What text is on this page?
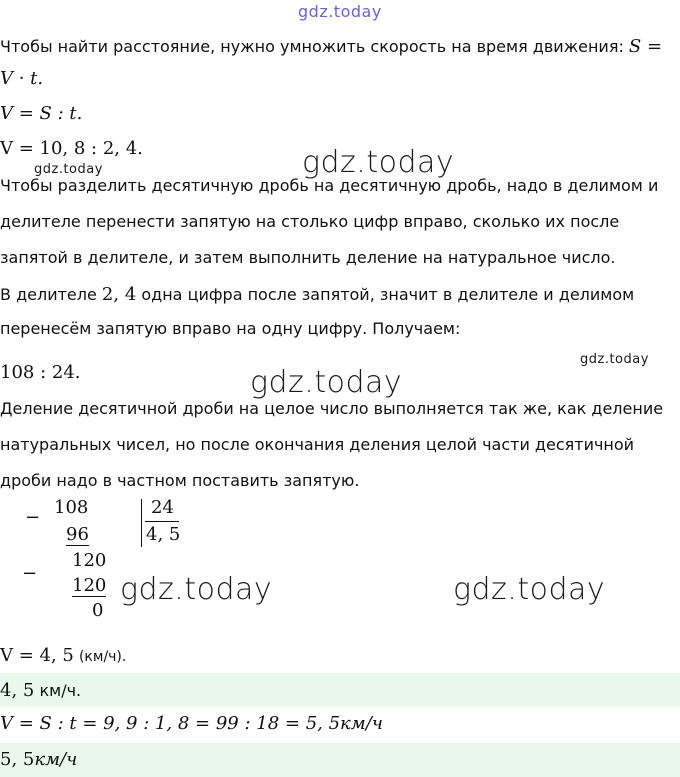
gdz.today
Чтобы найти расстояние, нужно умножить скорость на время движения: S =
V · t.
V = S : t.
V = 10, 8 : 2, 4.
gdz.today	gdz.today
Чтобы разделить десятичную дробь на десятичную дробь, надо в делимом и
делителе перенести запятую на столько цифр вправо, сколько их после
запятой в делителе, и затем выполнить деление на натуральное число.
В делителе 2, 4 одна цифра после запятой, значит в делителе и делимом
перенесём запятую вправо на одну цифру. Получаем:
gdz.today
108 : 24.	gdz.today
Деление десятичной дроби на целое число выполняется так же, как деление
натуральных чисел, но после окончания деления целой части десятичной
дроби надо в частном поставить запятую.
− 108
96
24
4, 5
−
120
120
0
gdz.today	gdz.today
V = 4, 5 (км/ч).
4, 5 км/ч.
V = S : t = 9, 9 : 1, 8 = 99 : 18 = 5, 5км/ч
5, 5км/ч
